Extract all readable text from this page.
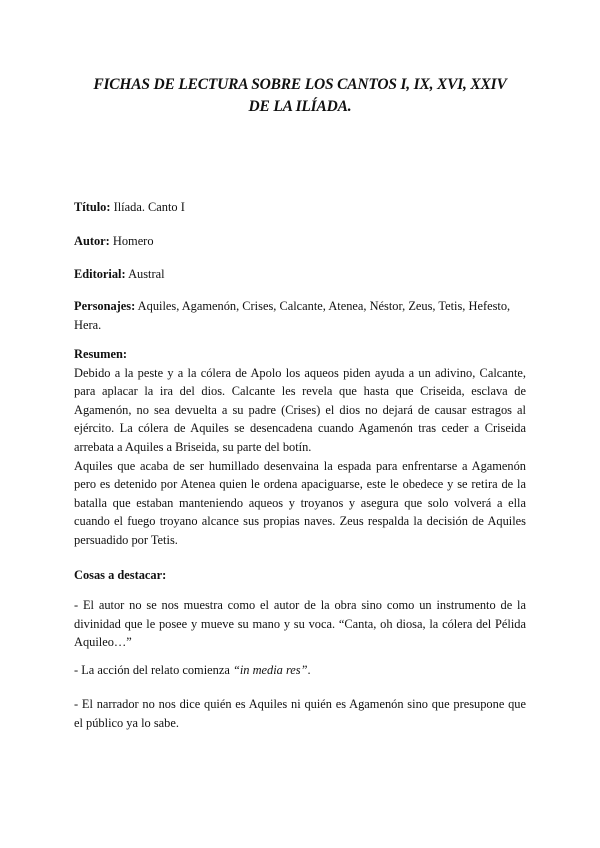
FICHAS DE LECTURA SOBRE LOS CANTOS I, IX, XVI, XXIV
DE LA ILÍADA.
Título: Ilíada. Canto I
Autor: Homero
Editorial: Austral
Personajes: Aquiles, Agamenón, Crises, Calcante, Atenea, Néstor, Zeus, Tetis, Hefesto, Hera.
Resumen:

Debido a la peste y a la cólera de Apolo los aqueos piden ayuda a un adivino, Calcante, para aplacar la ira del dios. Calcante les revela que hasta que Criseida, esclava de Agamenón, no sea devuelta a su padre (Crises) el dios no dejará de causar estragos al ejército. La cólera de Aquiles se desencadena cuando Agamenón tras ceder a Criseida arrebata a Aquiles a Briseida, su parte del botín.

Aquiles que acaba de ser humillado desenvaina la espada para enfrentarse a Agamenón pero es detenido por Atenea quien le ordena apaciguarse, este le obedece y se retira de la batalla que estaban manteniendo aqueos y troyanos y asegura que solo volverá a ella cuando el fuego troyano alcance sus propias naves. Zeus respalda la decisión de Aquiles persuadido por Tetis.

Cosas a destacar:
- El autor no se nos muestra como el autor de la obra sino como un instrumento de la divinidad que le posee y mueve su mano y su voca. “Canta, oh diosa, la cólera del Pélida Aquileo…”
- La acción del relato comienza “in media res”.
- El narrador no nos dice quién es Aquiles ni quién es Agamenón sino que presupone que el público ya lo sabe.
